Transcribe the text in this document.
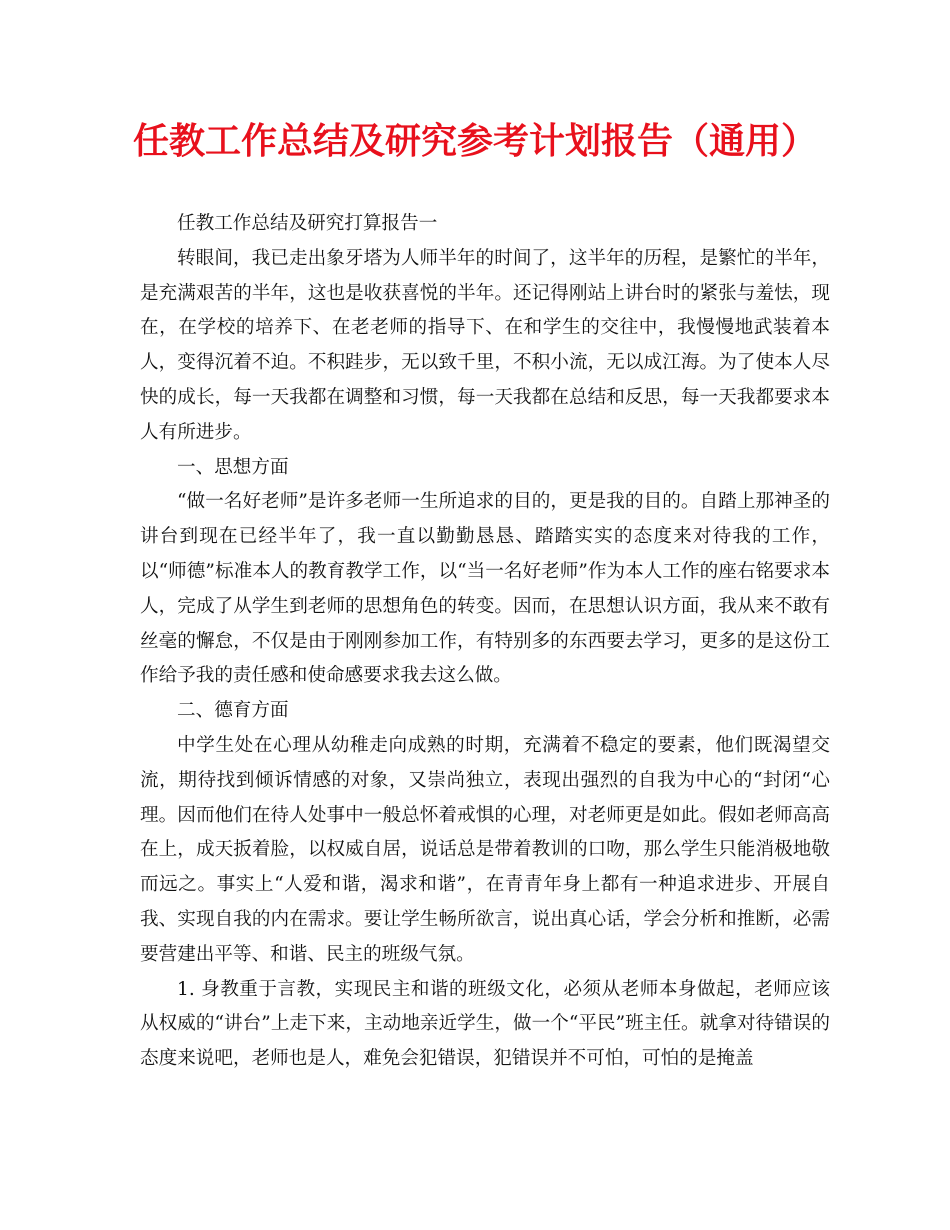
任教工作总结及研究参考计划报告（通用）

任教工作总结及研究打算报告一

转眼间，我已走出象牙塔为人师半年的时间了，这半年的历程，是繁忙的半年，是充满艰苦的半年，这也是收获喜悦的半年。还记得刚站上讲台时的紧张与羞怯，现在，在学校的培养下、在老老师的指导下、在和学生的交往中，我慢慢地武装着本人，变得沉着不迫。不积跬步，无以致千里，不积小流，无以成江海。为了使本人尽快的成长，每一天我都在调整和习惯，每一天我都在总结和反思，每一天我都要求本人有所进步。

一、思想方面

“做一名好老师”是许多老师一生所追求的目的，更是我的目的。自踏上那神圣的讲台到现在已经半年了，我一直以勤勤恳恳、踏踏实实的态度来对待我的工作，以“师德”标准本人的教育教学工作，以“当一名好老师”作为本人工作的座右铭要求本人，完成了从学生到老师的思想角色的转变。因而，在思想认识方面，我从来不敢有丝毫的懈怠，不仅是由于刚刚参加工作，有特别多的东西要去学习，更多的是这份工作给予我的责任感和使命感要求我去这么做。

二、德育方面

中学生处在心理从幼稚走向成熟的时期，充满着不稳定的要素，他们既渴望交流，期待找到倾诉情感的对象，又崇尚独立，表现出强烈的自我为中心的“封闭“心理。因而他们在待人处事中一般总怀着戒惧的心理，对老师更是如此。假如老师高高在上，成天扳着脸，以权威自居，说话总是带着教训的口吻，那么学生只能消极地敬而远之。事实上“人爱和谐，渴求和谐”，在青青年身上都有一种追求进步、开展自我、实现自我的内在需求。要让学生畅所欲言，说出真心话，学会分析和推断，必需要营建出平等、和谐、民主的班级气氛。

1. 身教重于言教，实现民主和谐的班级文化，必须从老师本身做起，老师应该从权威的“讲台”上走下来，主动地亲近学生，做一个“平民”班主任。就拿对待错误的态度来说吧，老师也是人，难免会犯错误，犯错误并不可怕，可怕的是掩盖
